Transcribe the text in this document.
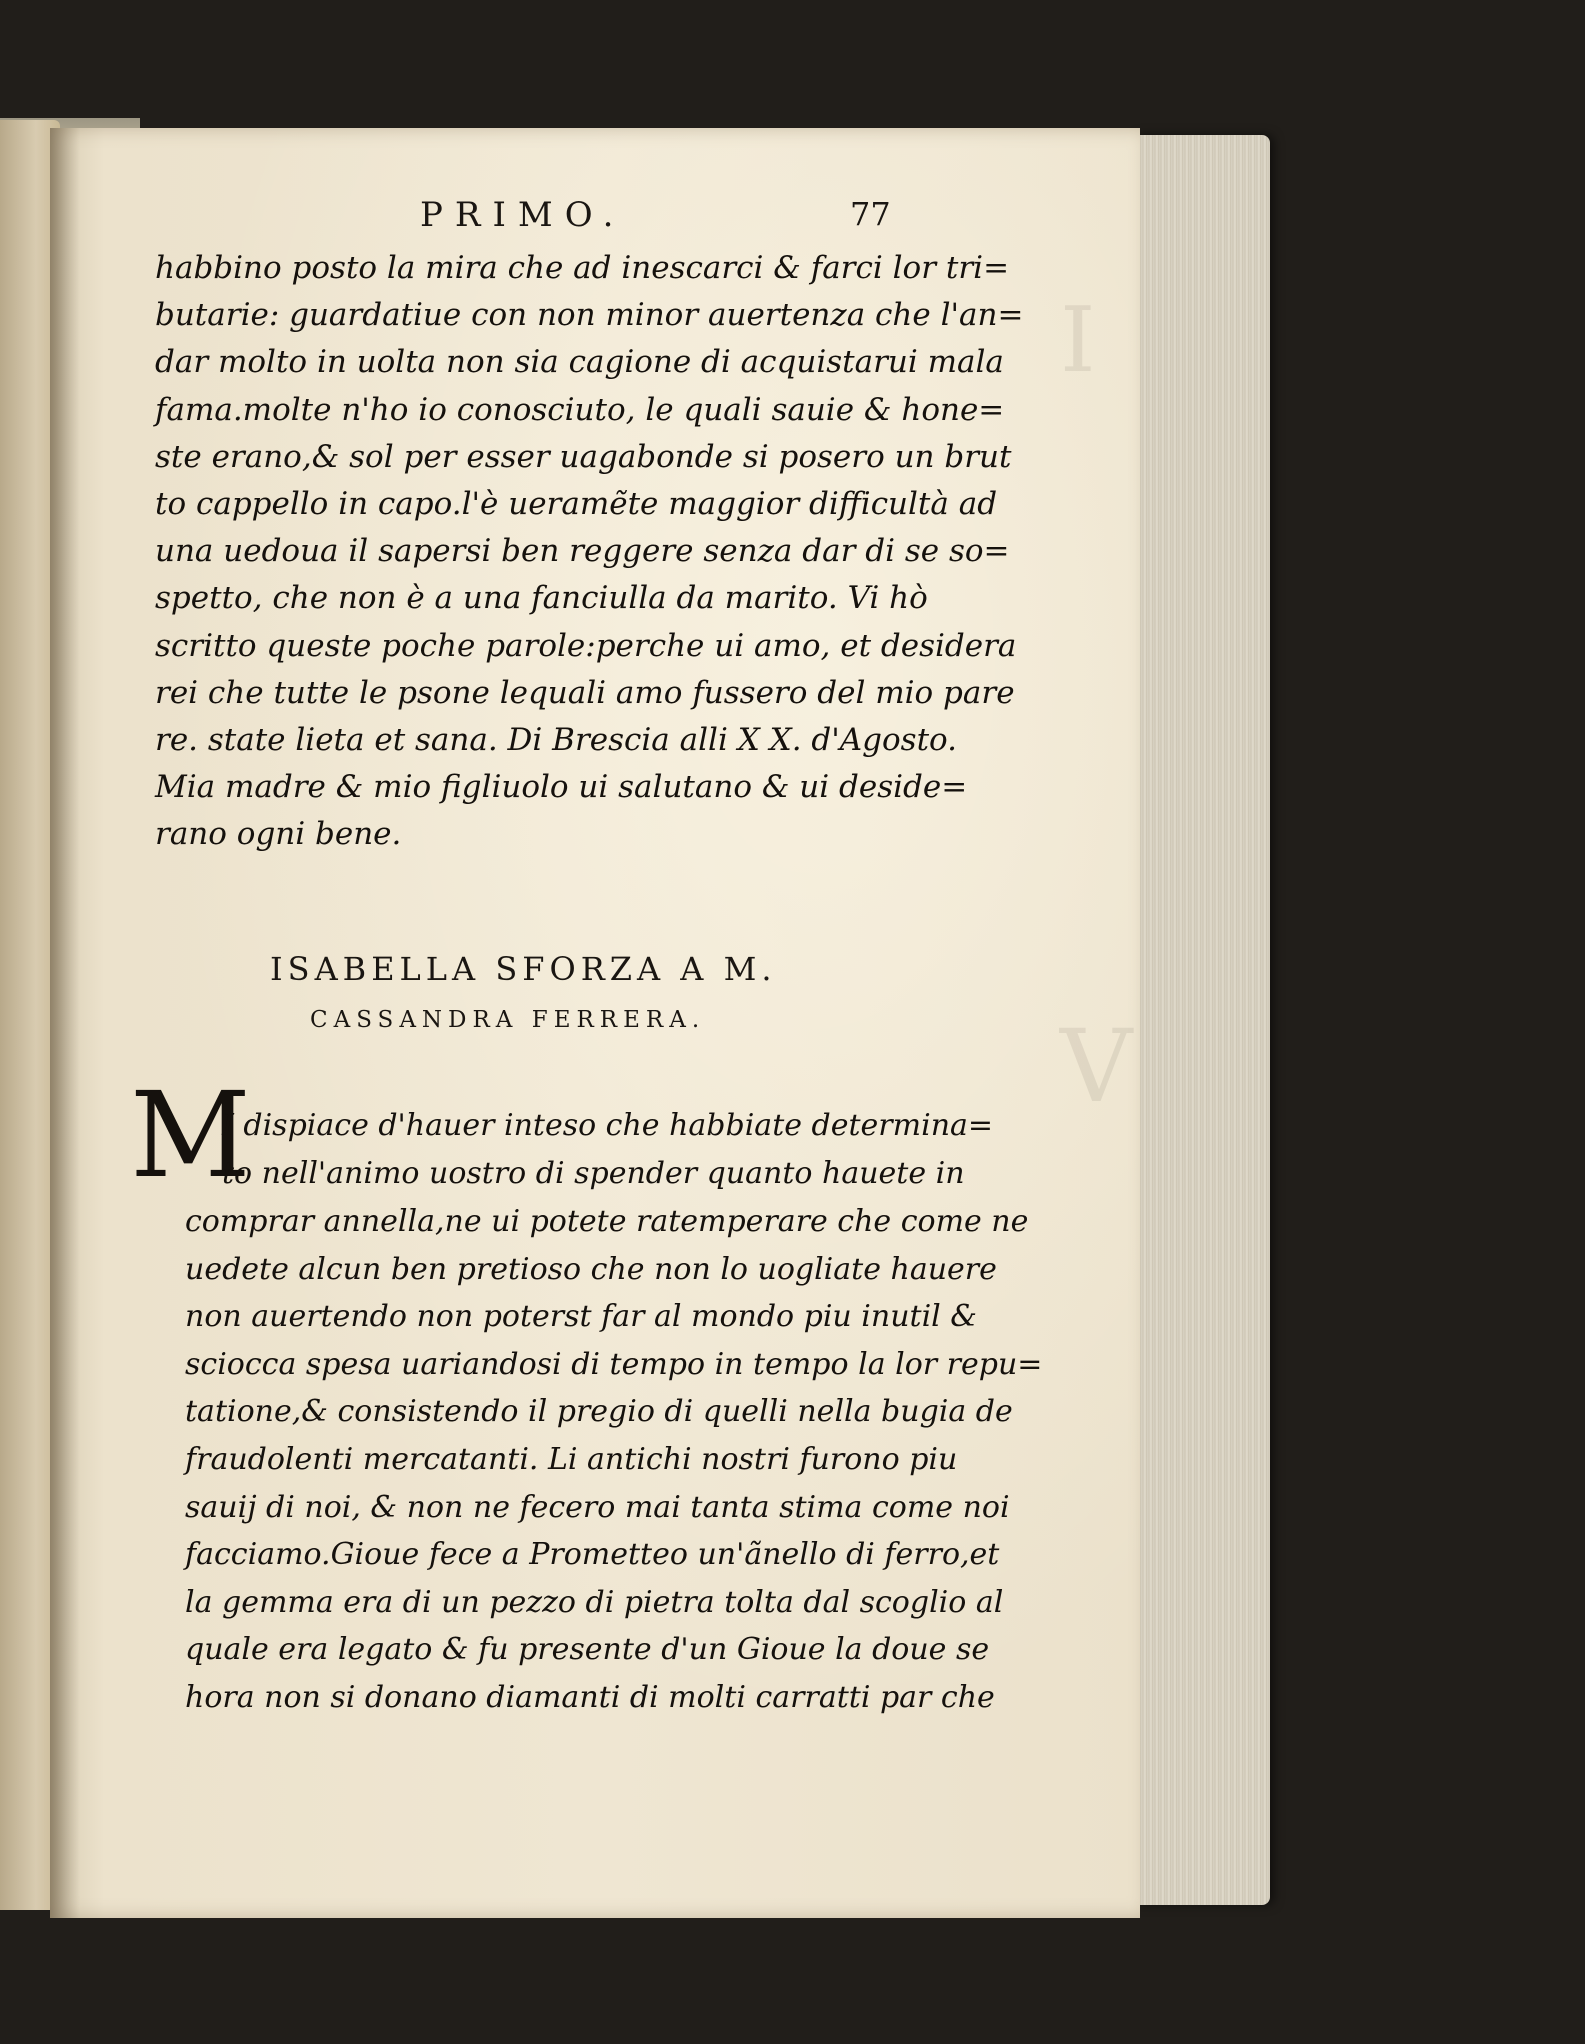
I
V
PRIMO.	77
habbino posto la mira che ad inescarci & farci lor tri=
butarie: guardatiue con non minor auertenza che l'an=
dar molto in uolta non sia cagione di acquistarui mala
fama.molte n'ho io conosciuto, le quali sauie & hone=
ste erano,& sol per esser uagabonde si posero un brut
to cappello in capo.l'è ueramẽte maggior difficultà ad
una uedoua il sapersi ben reggere senza dar di se so=
spetto, che non è a una fanciulla da marito. Vi hò
scritto queste poche parole:perche ui amo, et desidera
rei che tutte le psone lequali amo fussero del mio pare
re. state lieta et sana. Di Brescia alli X X. d'Agosto.
Mia madre & mio figliuolo ui salutano & ui deside=
rano ogni bene.
ISABELLA SFORZA A M.
CASSANDRA FERRERA.
M
I dispiace d'hauer inteso che habbiate determina=
to nell'animo uostro di spender quanto hauete in
comprar annella,ne ui potete ratemperare che come ne
uedete alcun ben pretioso che non lo uogliate hauere
non auertendo non poterst far al mondo piu inutil &
sciocca spesa uariandosi di tempo in tempo la lor repu=
tatione,& consistendo il pregio di quelli nella bugia de
fraudolenti mercatanti. Li antichi nostri furono piu
sauij di noi, & non ne fecero mai tanta stima come noi
facciamo.Gioue fece a Prometteo un'ãnello di ferro,et
la gemma era di un pezzo di pietra tolta dal scoglio al
quale era legato & fu presente d'un Gioue la doue se
hora non si donano diamanti di molti carratti par che
